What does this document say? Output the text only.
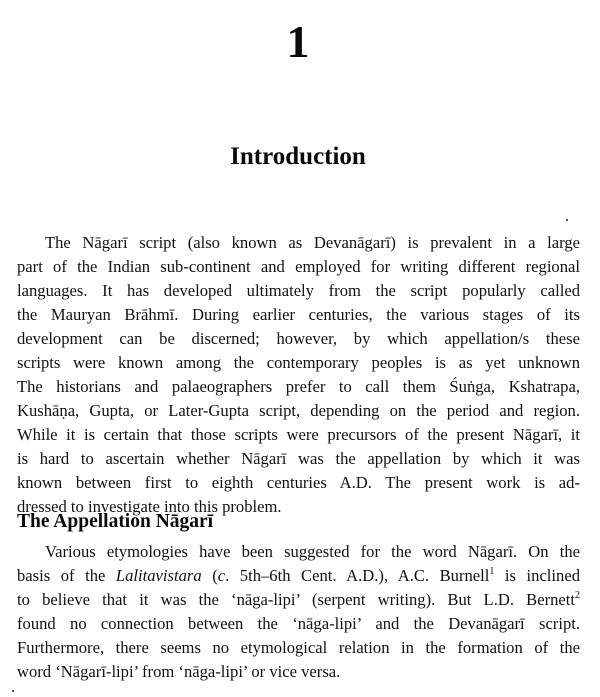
1
Introduction
The Nāgarī script (also known as Devanāgarī) is prevalent in a large
part of the Indian sub-continent and employed for writing different regional
languages. It has developed ultimately from the script popularly called
the Mauryan Brāhmī. During earlier centuries, the various stages of its
development can be discerned; however, by which appellation/s these
scripts were known among the contemporary peoples is as yet unknown
The historians and palaeographers prefer to call them Śuṅga, Kshatrapa,
Kushāṇa, Gupta, or Later-Gupta script, depending on the period and region.
While it is certain that those scripts were precursors of the present Nāgarī, it
is hard to ascertain whether Nāgarī was the appellation by which it was
known between first to eighth centuries A.D. The present work is ad-
dressed to investigate into this problem.
The Appellation Nāgarī
Various etymologies have been suggested for the word Nāgarī. On the
basis of the Lalitavistara (c. 5th–6th Cent. A.D.), A.C. Burnell$^1$ is inclined
to believe that it was the ‘nāga-lipi’ (serpent writing). But L.D. Bernett$^2$
found no connection between the ‘nāga-lipi’ and the Devanāgarī script.
Furthermore, there seems no etymological relation in the formation of the
word ‘Nāgarī-lipi’ from ‘nāga-lipi’ or vice versa.
